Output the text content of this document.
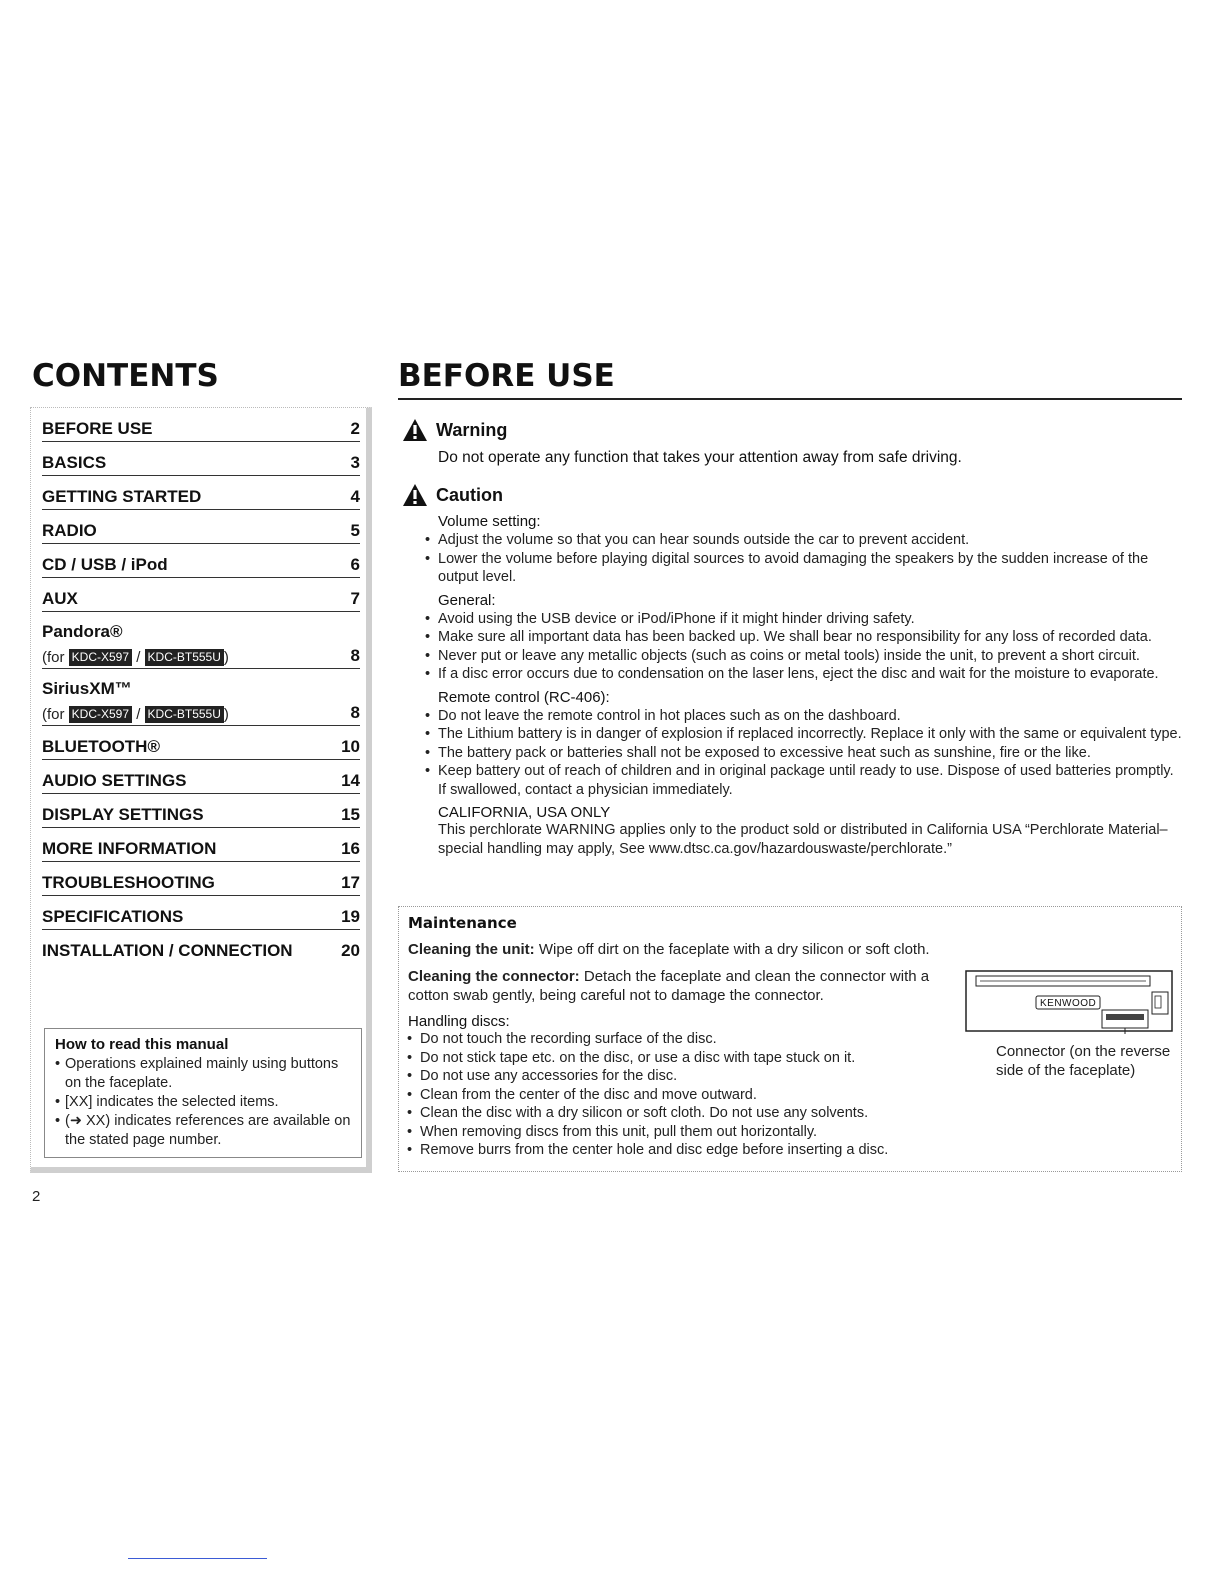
CONTENTS
BEFORE USE	2
BASICS	3
GETTING STARTED	4
RADIO	5
CD / USB / iPod	6
AUX	7
Pandora®
(for KDC-X597 / KDC-BT555U )	8
SiriusXM™
(for KDC-X597 / KDC-BT555U )	8
BLUETOOTH®	10
AUDIO SETTINGS	14
DISPLAY SETTINGS	15
MORE INFORMATION	16
TROUBLESHOOTING	17
SPECIFICATIONS	19
INSTALLATION / CONNECTION	20
How to read this manual
• Operations explained mainly using buttons on the faceplate.
• [XX] indicates the selected items.
• (➜ XX) indicates references are available on the stated page number.
2
BEFORE USE
Warning
Do not operate any function that takes your attention away from safe driving.
Caution
Volume setting:
• Adjust the volume so that you can hear sounds outside the car to prevent accident.
• Lower the volume before playing digital sources to avoid damaging the speakers by the sudden increase of the output level.
General:
• Avoid using the USB device or iPod/iPhone if it might hinder driving safety.
• Make sure all important data has been backed up. We shall bear no responsibility for any loss of recorded data.
• Never put or leave any metallic objects (such as coins or metal tools) inside the unit, to prevent a short circuit.
• If a disc error occurs due to condensation on the laser lens, eject the disc and wait for the moisture to evaporate.
Remote control (RC-406):
• Do not leave the remote control in hot places such as on the dashboard.
• The Lithium battery is in danger of explosion if replaced incorrectly. Replace it only with the same or equivalent type.
• The battery pack or batteries shall not be exposed to excessive heat such as sunshine, fire or the like.
• Keep battery out of reach of children and in original package until ready to use. Dispose of used batteries promptly. If swallowed, contact a physician immediately.
CALIFORNIA, USA ONLY
This perchlorate WARNING applies only to the product sold or distributed in California USA “Perchlorate Material–special handling may apply, See www.dtsc.ca.gov/hazardouswaste/perchlorate.”
Maintenance
Cleaning the unit: Wipe off dirt on the faceplate with a dry silicon or soft cloth.
Cleaning the connector: Detach the faceplate and clean the connector with a cotton swab gently, being careful not to damage the connector.
Handling discs:
• Do not touch the recording surface of the disc.
• Do not stick tape etc. on the disc, or use a disc with tape stuck on it.
• Do not use any accessories for the disc.
• Clean from the center of the disc and move outward.
• Clean the disc with a dry silicon or soft cloth. Do not use any solvents.
• When removing discs from this unit, pull them out horizontally.
• Remove burrs from the center hole and disc edge before inserting a disc.
KENWOOD
Connector (on the reverse side of the faceplate)
